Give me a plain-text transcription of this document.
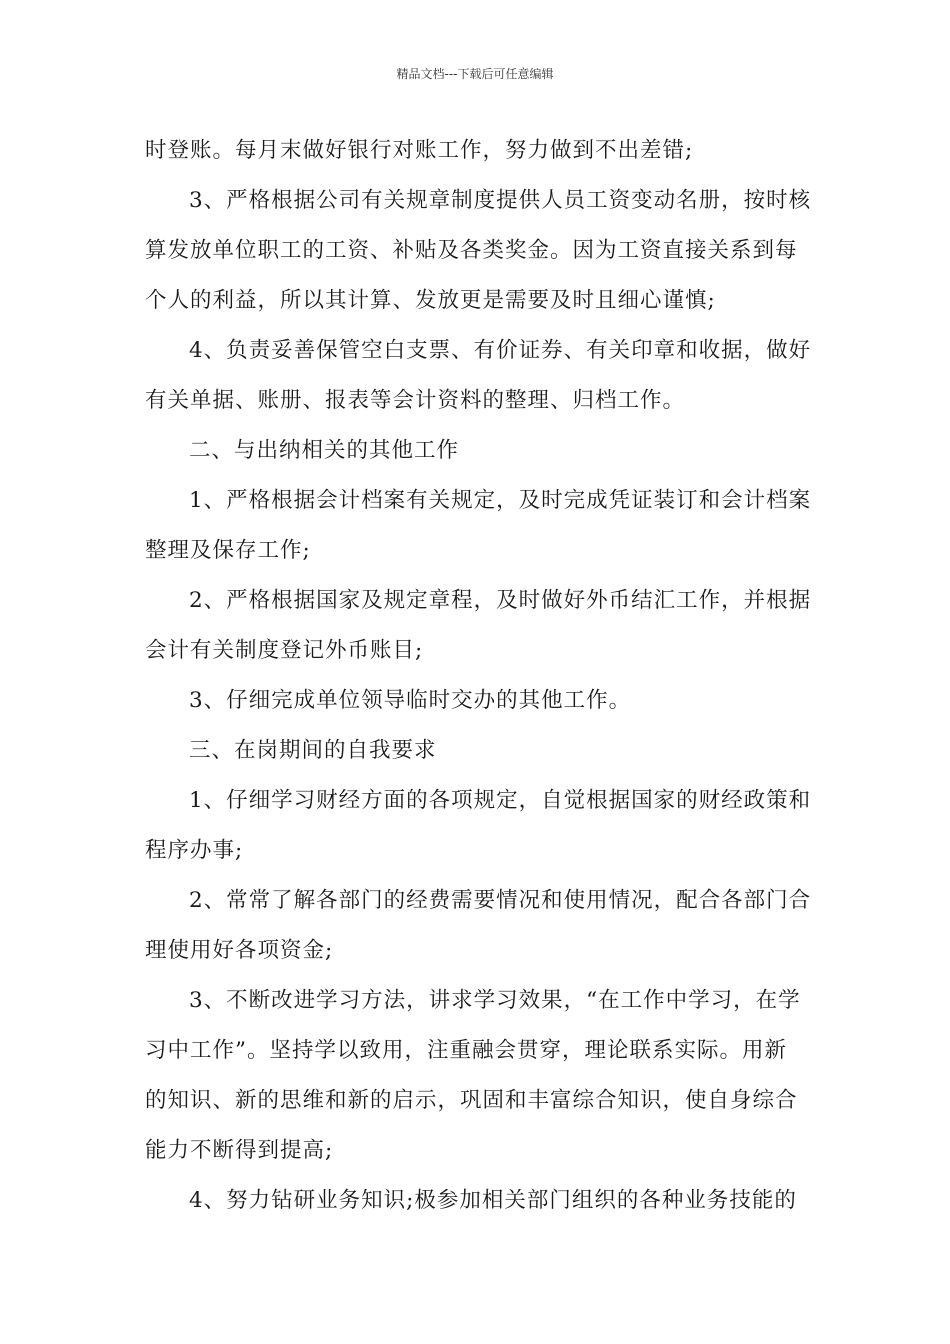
精品文档---下载后可任意编辑
时登账。每月末做好银行对账工作，努力做到不出差错;
3、严格根据公司有关规章制度提供人员工资变动名册，按时核
算发放单位职工的工资、补贴及各类奖金。因为工资直接关系到每
个人的利益，所以其计算、发放更是需要及时且细心谨慎;
4、负责妥善保管空白支票、有价证券、有关印章和收据，做好
有关单据、账册、报表等会计资料的整理、归档工作。
二、与出纳相关的其他工作
1、严格根据会计档案有关规定，及时完成凭证装订和会计档案
整理及保存工作;
2、严格根据国家及规定章程，及时做好外币结汇工作，并根据
会计有关制度登记外币账目;
3、仔细完成单位领导临时交办的其他工作。
三、在岗期间的自我要求
1、仔细学习财经方面的各项规定，自觉根据国家的财经政策和
程序办事;
2、常常了解各部门的经费需要情况和使用情况，配合各部门合
理使用好各项资金;
3、不断改进学习方法，讲求学习效果，“在工作中学习，在学
习中工作”。坚持学以致用，注重融会贯穿，理论联系实际。用新
的知识、新的思维和新的启示，巩固和丰富综合知识，使自身综合
能力不断得到提高;
4、努力钻研业务知识;极参加相关部门组织的各种业务技能的
